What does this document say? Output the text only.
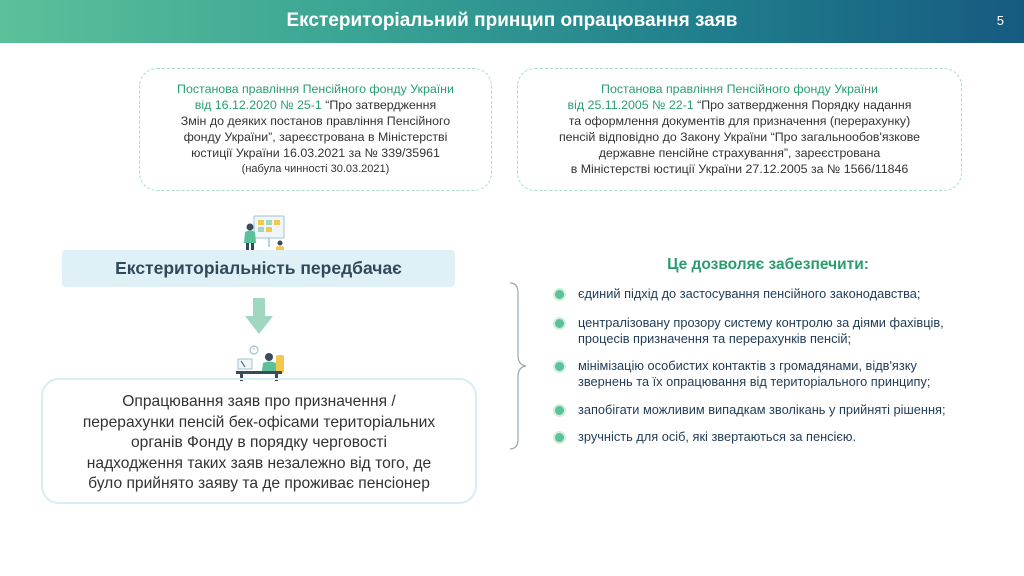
Екстериторіальний принцип опрацювання заяв	5
Постанова правління Пенсійного фонду України
від 16.12.2020 № 25-1 “Про затвердження
Змін до деяких постанов правління Пенсійного
фонду України”, зареєстрована в Міністерстві
юстиції України 16.03.2021 за № 339/35961
(набула чинності 30.03.2021)
Постанова правління Пенсійного фонду України
від 25.11.2005 № 22-1 “Про затвердження Порядку надання
та оформлення документів для призначення (перерахунку)
пенсій відповідно до Закону України “Про загальнообов'язкове
державне пенсійне страхування”, зареєстрована
в Міністерстві юстиції України 27.12.2005 за № 1566/11846
Екстериторіальність передбачає
Опрацювання заяв про призначення /
перерахунки пенсій бек-офісами територіальних
органів Фонду в порядку черговості
надходження таких заяв незалежно від того, де
було прийнято заяву та де проживає пенсіонер
Це дозволяє забезпечити:
єдиний підхід до застосування пенсійного законодавства;
централізовану прозору систему контролю за діями фахівців,
процесів призначення та перерахунків пенсій;
мінімізацію особистих контактів з громадянами, відв'язку
звернень та їх опрацювання від територіального принципу;
запобігати можливим випадкам зволікань у прийняті рішення;
зручність для осіб, які звертаються за пенсією.
